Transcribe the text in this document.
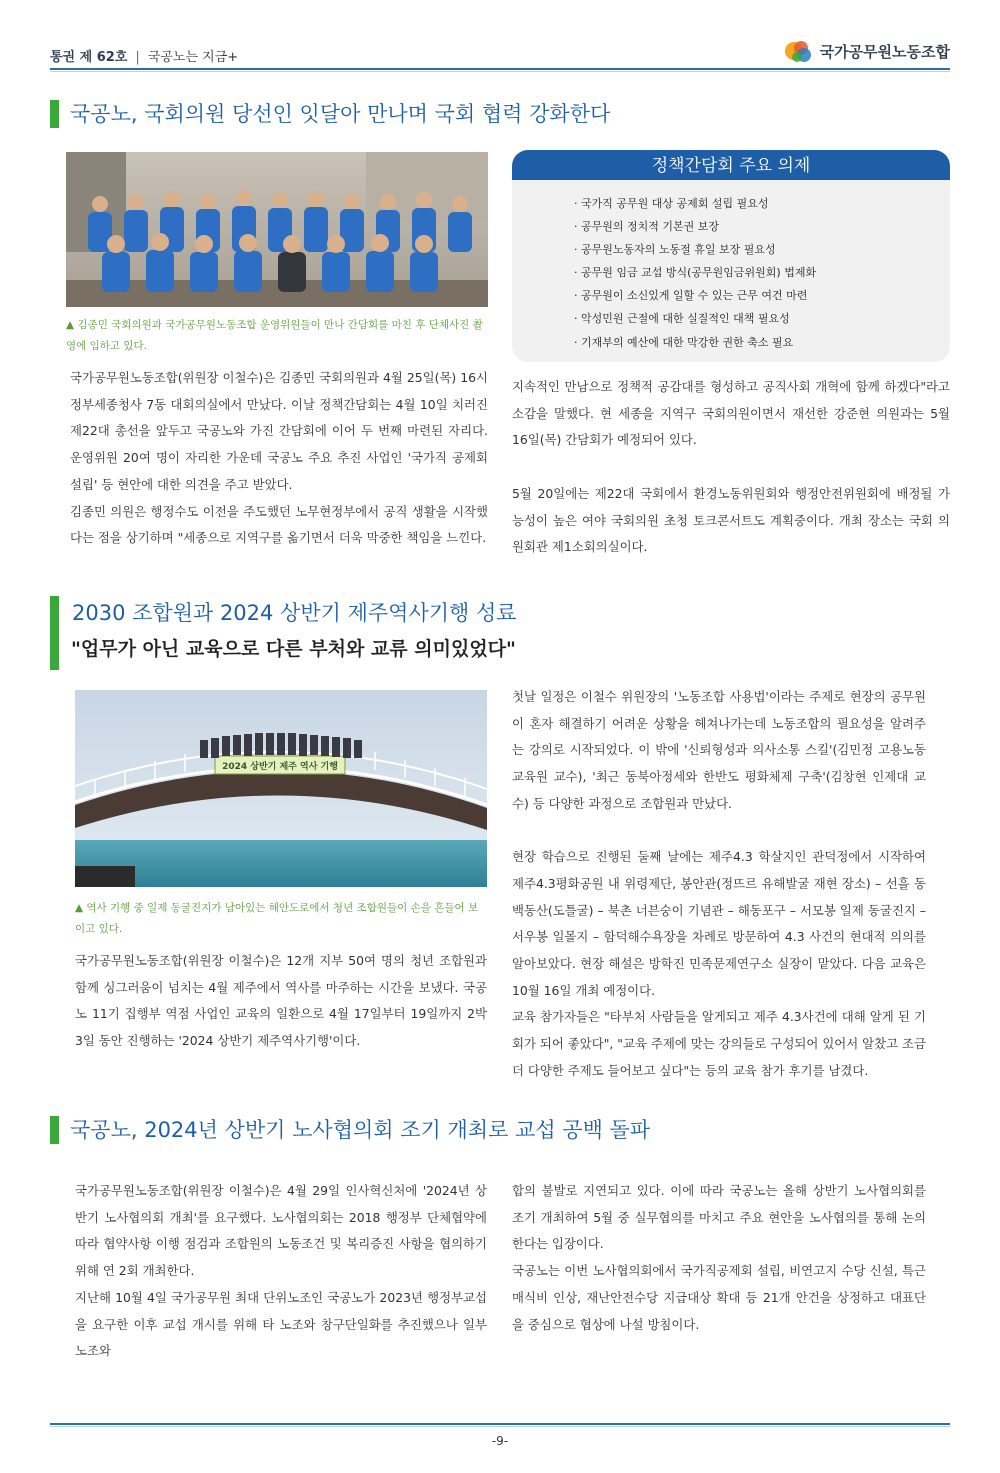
통권 제 62호 | 국공노는 지금+	국가공무원노동조합
국공노, 국회의원 당선인 잇달아 만나며 국회 협력 강화한다
▲ 김종민 국회의원과 국가공무원노동조합 운영위원들이 만나 간담회를 마친 후 단체사진 촬영에 임하고 있다.

국가공무원노동조합(위원장 이철수)은 김종민 국회의원과 4월 25일(목) 16시 정부세종청사 7동 대회의실에서 만났다. 이날 정책간담회는 4월 10일 치러진 제22대 총선을 앞두고 국공노와 가진 간담회에 이어 두 번째 마련된 자리다. 운영위원 20여 명이 자리한 가운데 국공노 주요 추진 사업인 '국가직 공제회 설립' 등 현안에 대한 의견을 주고 받았다.

김종민 의원은 행정수도 이전을 주도했던 노무현정부에서 공직 생활을 시작했다는 점을 상기하며 "세종으로 지역구를 옮기면서 더욱 막중한 책임을 느낀다.

정책간담회 주요 의제
· 국가직 공무원 대상 공제회 설립 필요성
· 공무원의 정치적 기본권 보장
· 공무원노동자의 노동절 휴일 보장 필요성
· 공무원 임금 교섭 방식(공무원임금위원회) 법제화
· 공무원이 소신있게 일할 수 있는 근무 여건 마련
· 악성민원 근절에 대한 실질적인 대책 필요성
· 기재부의 예산에 대한 막강한 권한 축소 필요

지속적인 만남으로 정책적 공감대를 형성하고 공직사회 개혁에 함께 하겠다"라고 소감을 말했다. 현 세종을 지역구 국회의원이면서 재선한 강준현 의원과는 5월 16일(목) 간담회가 예정되어 있다.

5월 20일에는 제22대 국회에서 환경노동위원회와 행정안전위원회에 배정될 가능성이 높은 여야 국회의원 초청 토크콘서트도 계획중이다. 개최 장소는 국회 의원회관 제1소회의실이다.

2030 조합원과 2024 상반기 제주역사기행 성료
"업무가 아닌 교육으로 다른 부처와 교류 의미있었다"
2024 상반기 제주 역사 기행
▲ 역사 기행 중 일제 동굴진지가 남아있는 해안도로에서 청년 조합원들이 손을 흔들어 보이고 있다.

국가공무원노동조합(위원장 이철수)은 12개 지부 50여 명의 청년 조합원과 함께 싱그러움이 넘치는 4월 제주에서 역사를 마주하는 시간을 보냈다. 국공노 11기 집행부 역점 사업인 교육의 일환으로 4월 17일부터 19일까지 2박 3일 동안 진행하는 '2024 상반기 제주역사기행'이다.

첫날 일정은 이철수 위원장의 '노동조합 사용법'이라는 주제로 현장의 공무원이 혼자 해결하기 어려운 상황을 헤쳐나가는데 노동조합의 필요성을 알려주는 강의로 시작되었다. 이 밖에 '신뢰형성과 의사소통 스킬'(김민정 고용노동교육원 교수), '최근 동북아정세와 한반도 평화체제 구축'(김창현 인제대 교수) 등 다양한 과정으로 조합원과 만났다.

현장 학습으로 진행된 둘째 날에는 제주4.3 학살지인 관덕정에서 시작하여 제주4.3평화공원 내 위령제단, 봉안관(정뜨르 유해발굴 재현 장소) – 선흘 동백동산(도틀굴) – 북촌 너븐숭이 기념관 – 해동포구 – 서모봉 일제 동굴진지 – 서우봉 일몰지 – 함덕해수욕장을 차례로 방문하여 4.3 사건의 현대적 의의를 알아보았다. 현장 해설은 방학진 민족문제연구소 실장이 맡았다. 다음 교육은 10월 16일 개최 예정이다.

교육 참가자들은 "타부처 사람들을 알게되고 제주 4.3사건에 대해 알게 된 기회가 되어 좋았다", "교육 주제에 맞는 강의들로 구성되어 있어서 알찼고 조금 더 다양한 주제도 들어보고 싶다"는 등의 교육 참가 후기를 남겼다.

국공노, 2024년 상반기 노사협의회 조기 개최로 교섭 공백 돌파

국가공무원노동조합(위원장 이철수)은 4월 29일 인사혁신처에 '2024년 상반기 노사협의회 개최'를 요구했다. 노사협의회는 2018 행정부 단체협약에 따라 협약사항 이행 점검과 조합원의 노동조건 및 복리증진 사항을 협의하기 위해 연 2회 개최한다.

지난해 10월 4일 국가공무원 최대 단위노조인 국공노가 2023년 행정부교섭을 요구한 이후 교섭 개시를 위해 타 노조와 창구단일화를 추진했으나 일부 노조와

합의 불발로 지연되고 있다. 이에 따라 국공노는 올해 상반기 노사협의회를 조기 개최하여 5월 중 실무협의를 마치고 주요 현안을 노사협의를 통해 논의한다는 입장이다.

국공노는 이번 노사협의회에서 국가직공제회 설립, 비연고지 수당 신설, 특근매식비 인상, 재난안전수당 지급대상 확대 등 21개 안건을 상정하고 대표단을 중심으로 협상에 나설 방침이다.

-9-
